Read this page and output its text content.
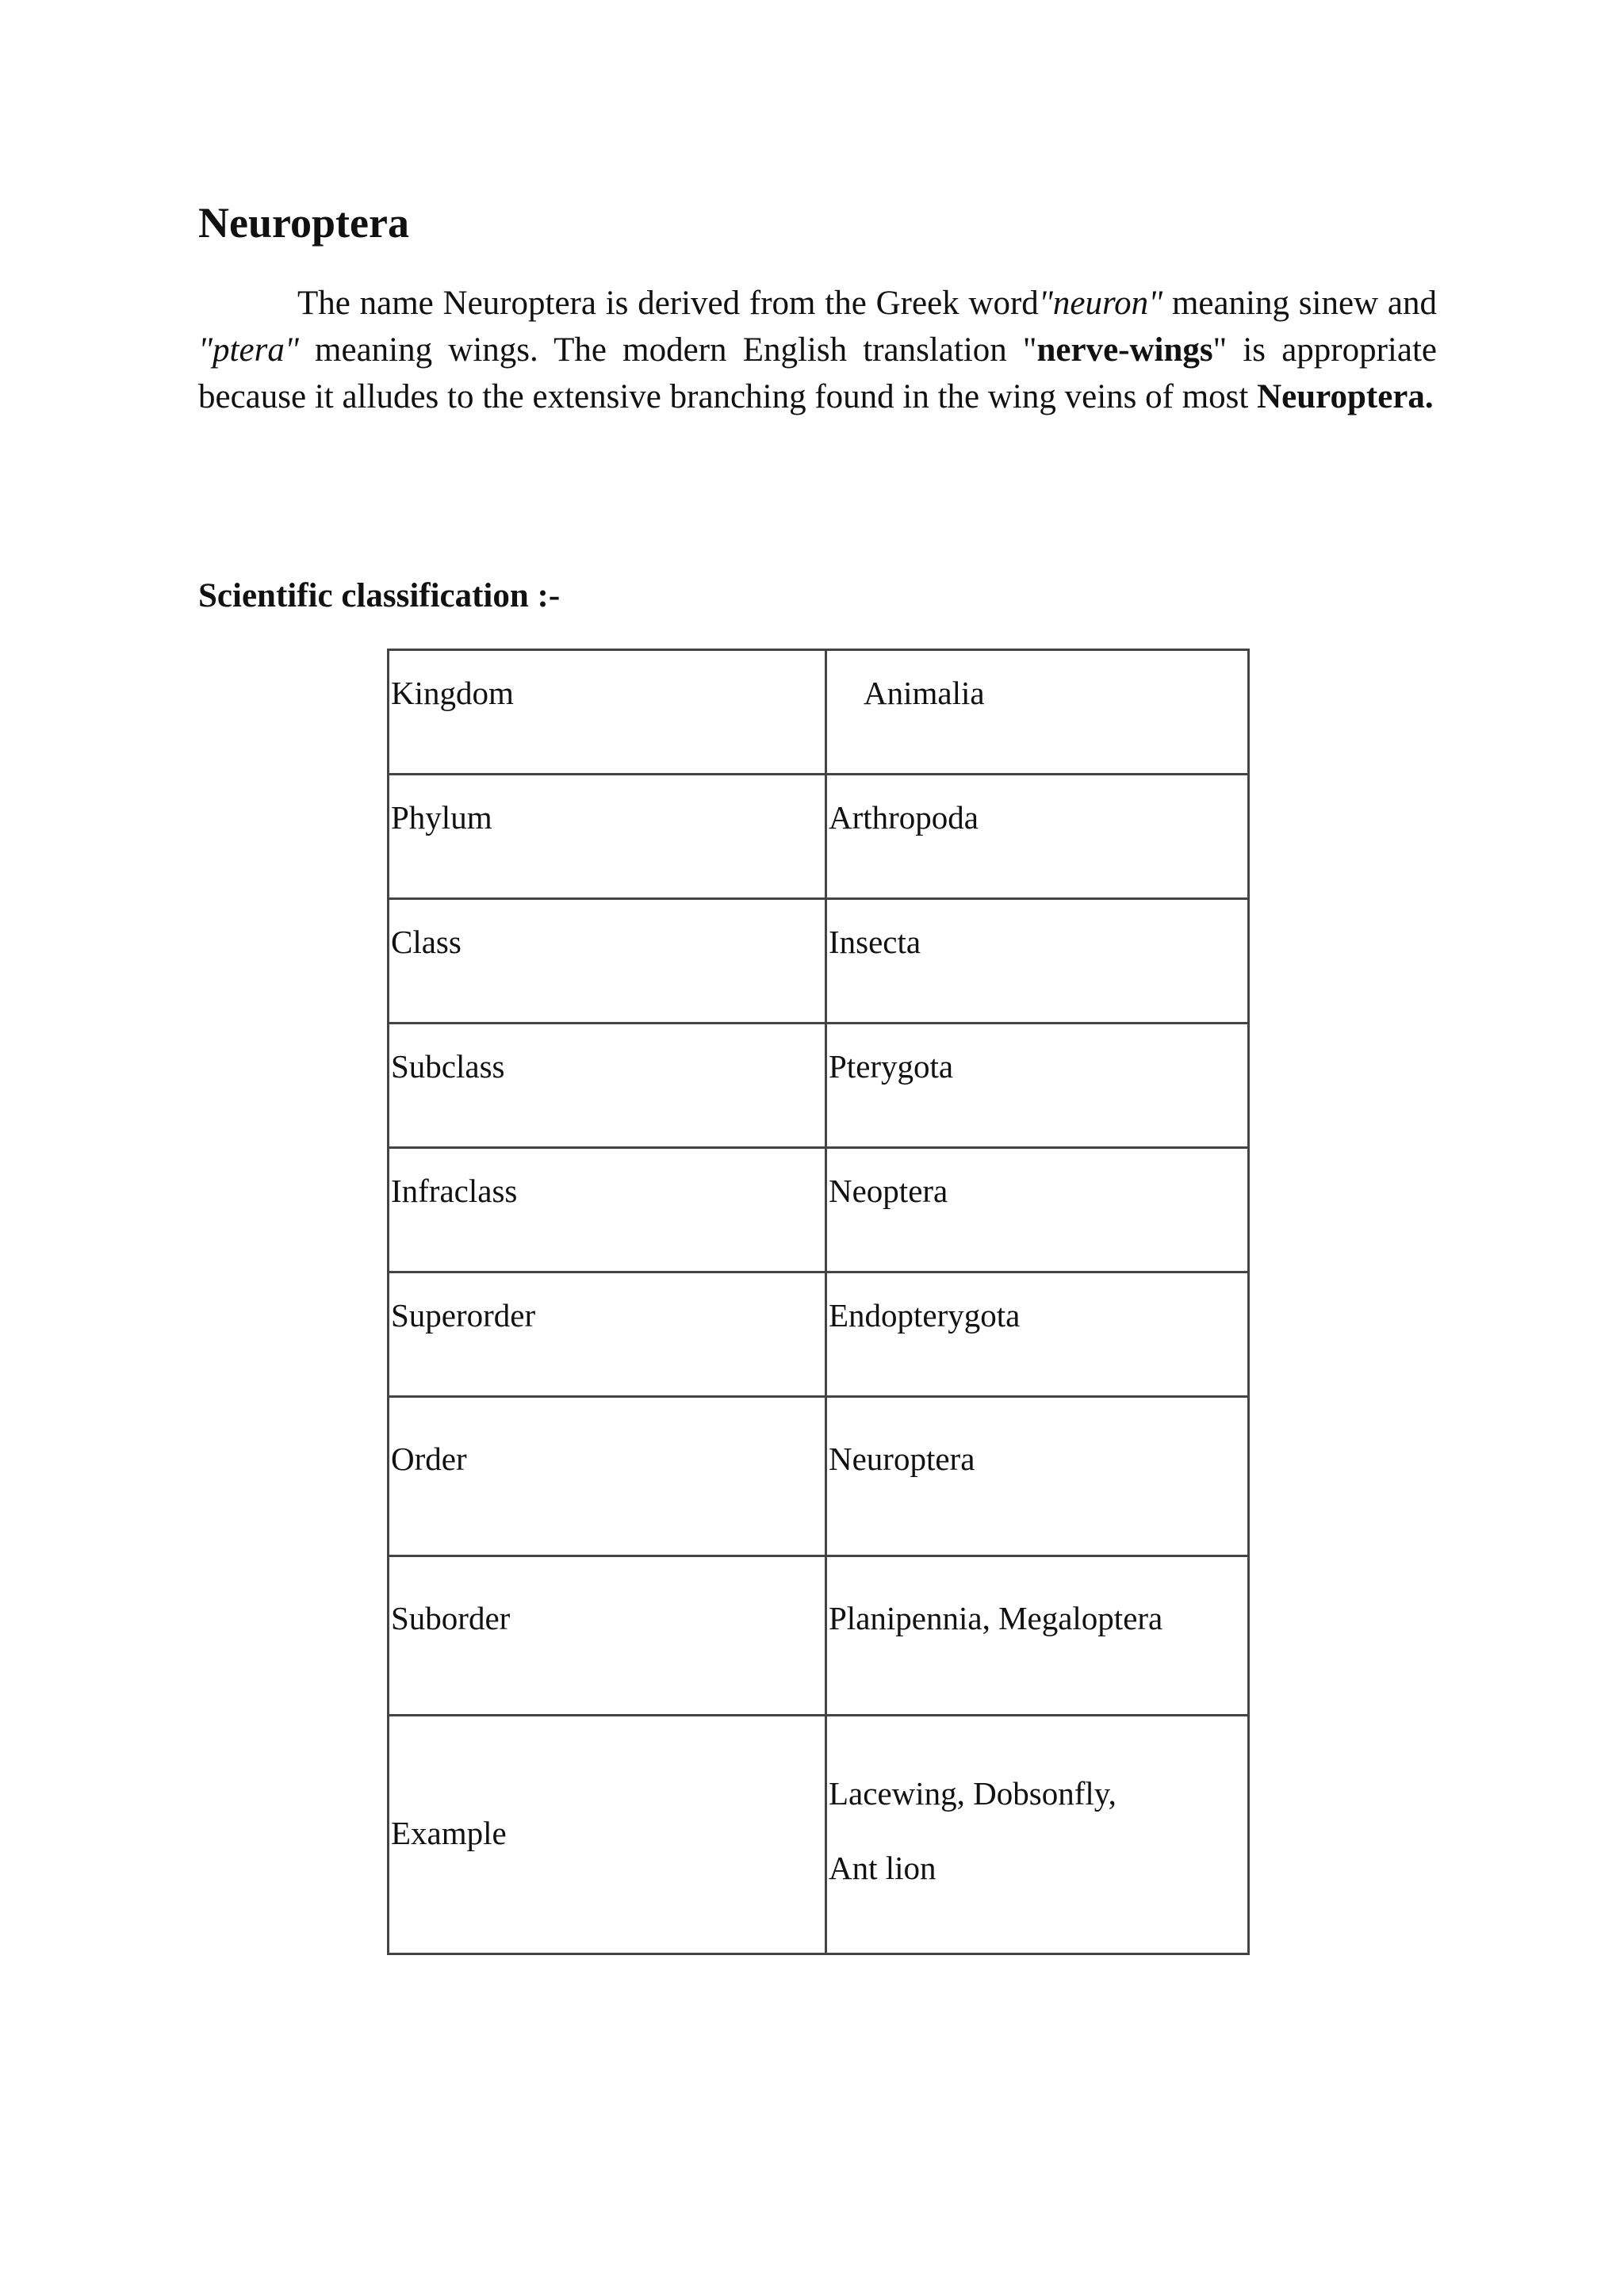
Neuroptera

The name Neuroptera is derived from the Greek word"neuron" meaning sinew and "ptera" meaning wings. The modern English translation "nerve-wings" is appropriate because it alludes to the extensive branching found in the wing veins of most Neuroptera.

Scientific classification :-
Kingdom	Animalia

Phylum	Arthropoda

Class	Insecta

Subclass	Pterygota

Infraclass	Neoptera

Superorder	Endopterygota

Order	Neuroptera

Suborder	Planipennia, Megaloptera

Example	Lacewing, Dobsonfly,
Ant lion
